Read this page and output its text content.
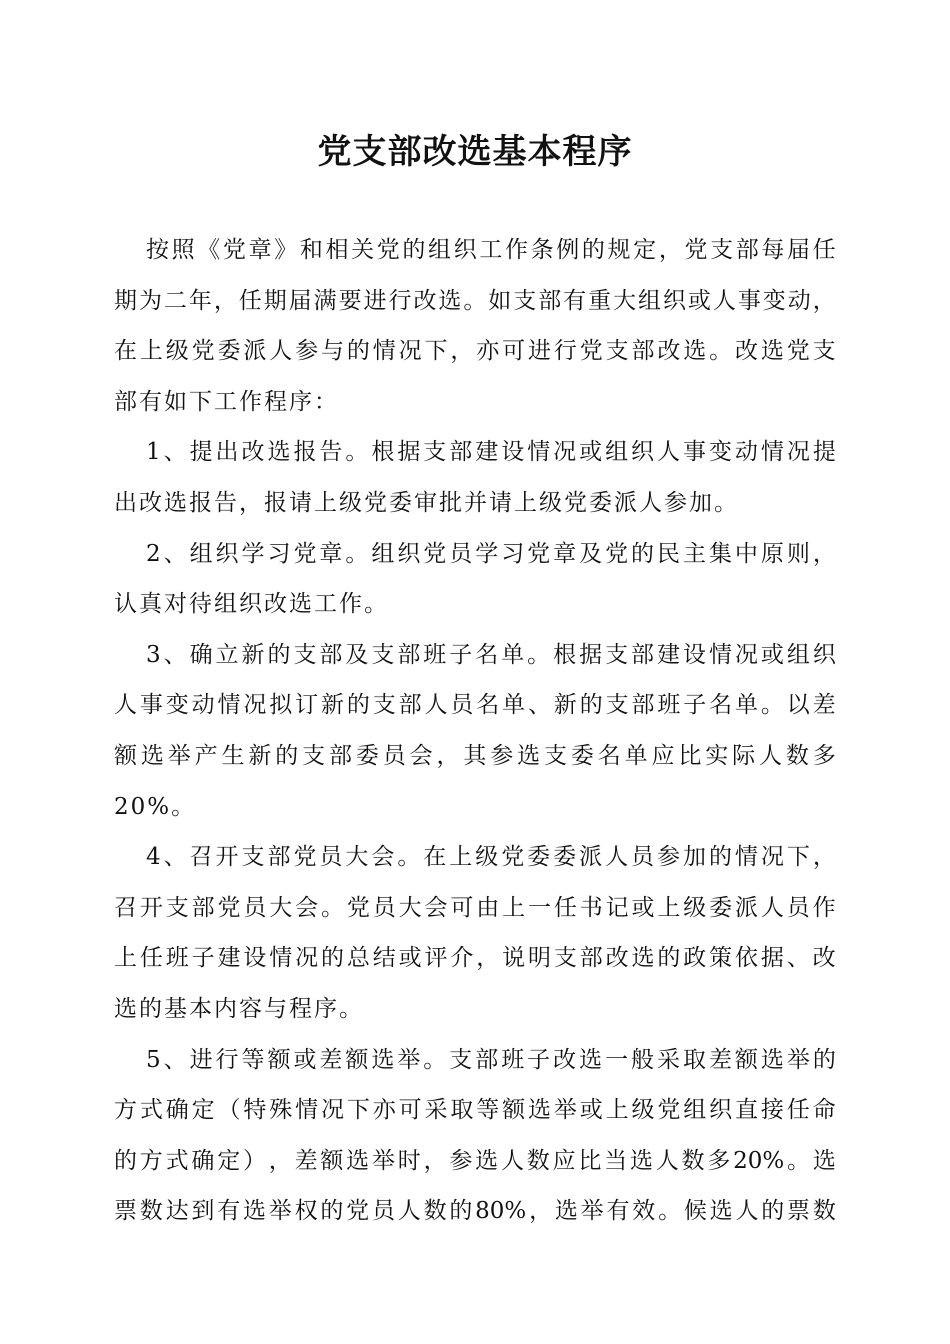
党支部改选基本程序
按 照 《 党 章 》 和 相 关 党 的 组 织 工 作 条 例 的 规 定 ， 党 支 部 每 届 任
期 为 二 年 ， 任 期 届 满 要 进 行 改 选 。 如 支 部 有 重 大 组 织 或 人 事 变 动 ，
在 上 级 党 委 派 人 参 与 的 情 况 下 ， 亦 可 进 行 党 支 部 改 选 。 改 选 党 支
部有如下工作程序：
1 、 提 出 改 选 报 告 。 根 据 支 部 建 设 情 况 或 组 织 人 事 变 动 情 况 提
出改选报告，报请上级党委审批并请上级党委派人参加。
2 、 组 织 学 习 党 章 。 组 织 党 员 学 习 党 章 及 党 的 民 主 集 中 原 则 ，
认真对待组织改选工作。
3 、 确 立 新 的 支 部 及 支 部 班 子 名 单 。 根 据 支 部 建 设 情 况 或 组 织
人 事 变 动 情 况 拟 订 新 的 支 部 人 员 名 单 、 新 的 支 部 班 子 名 单 。 以 差
额 选 举 产 生 新 的 支 部 委 员 会 ， 其 参 选 支 委 名 单 应 比 实 际 人 数 多
20%。
4 、 召 开 支 部 党 员 大 会 。 在 上 级 党 委 委 派 人 员 参 加 的 情 况 下 ，
召 开 支 部 党 员 大 会 。 党 员 大 会 可 由 上 一 任 书 记 或 上 级 委 派 人 员 作
上 任 班 子 建 设 情 况 的 总 结 或 评 介 ， 说 明 支 部 改 选 的 政 策 依 据 、 改
选的基本内容与程序。
5 、 进 行 等 额 或 差 额 选 举 。 支 部 班 子 改 选 一 般 采 取 差 额 选 举 的
方 式 确 定 （ 特 殊 情 况 下 亦 可 采 取 等 额 选 举 或 上 级 党 组 织 直 接 任 命
的 方 式 确 定 ） ， 差 额 选 举 时 ， 参 选 人 数 应 比 当 选 人 数 多 20% 。 选
票 数 达 到 有 选 举 权 的 党 员 人 数 的 80% ， 选 举 有 效 。 候 选 人 的 票 数
